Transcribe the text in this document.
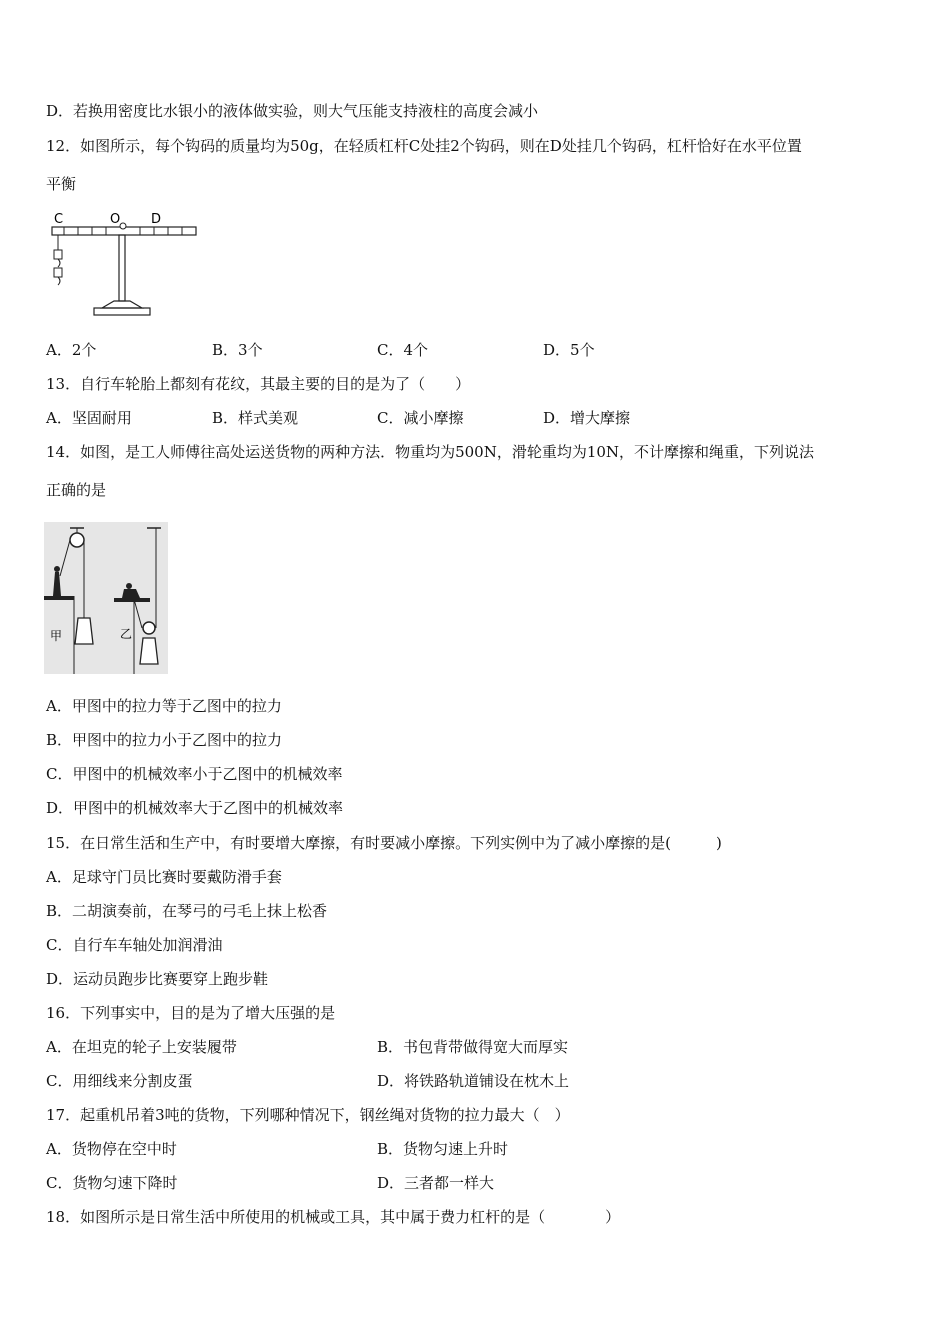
D．若换用密度比水银小的液体做实验，则大气压能支持液柱的高度会减小
12．如图所示，每个钩码的质量均为50g，在轻质杠杆C处挂2个钩码，则在D处挂几个钩码，杠杆恰好在水平位置
平衡
C	O D
A．2个	B．3个	C．4个	D．5个
13．自行车轮胎上都刻有花纹，其最主要的目的是为了（　　）
A．坚固耐用	B．样式美观	C．减小摩擦	D．增大摩擦
14．如图，是工人师傅往高处运送货物的两种方法．物重均为500N，滑轮重均为10N，不计摩擦和绳重，下列说法
正确的是
甲	乙
A．甲图中的拉力等于乙图中的拉力
B．甲图中的拉力小于乙图中的拉力
C．甲图中的机械效率小于乙图中的机械效率
D．甲图中的机械效率大于乙图中的机械效率
15．在日常生活和生产中，有时要增大摩擦，有时要减小摩擦。下列实例中为了减小摩擦的是(　　　)
A．足球守门员比赛时要戴防滑手套
B．二胡演奏前，在琴弓的弓毛上抹上松香
C．自行车车轴处加润滑油
D．运动员跑步比赛要穿上跑步鞋
16．下列事实中，目的是为了增大压强的是
A．在坦克的轮子上安装履带	B．书包背带做得宽大而厚实
C．用细线来分割皮蛋	D．将铁路轨道铺设在枕木上
17．起重机吊着3吨的货物，下列哪种情况下，钢丝绳对货物的拉力最大（　）
A．货物停在空中时	B．货物匀速上升时
C．货物匀速下降时	D．三者都一样大
18．如图所示是日常生活中所使用的机械或工具，其中属于费力杠杆的是（　　　　）
